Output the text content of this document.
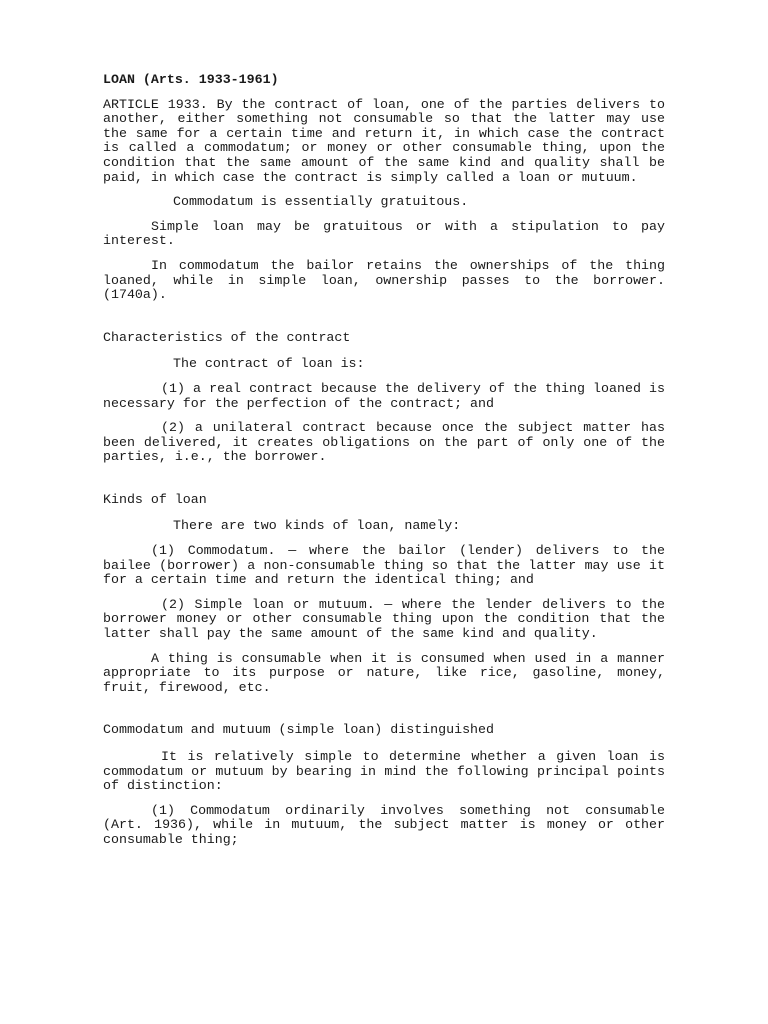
LOAN (Arts. 1933-1961)

ARTICLE 1933. By the contract of loan, one of the parties delivers to another, either something not consumable so that the latter may use the same for a certain time and return it, in which case the contract is called a commodatum; or money or other consumable thing, upon the condition that the same amount of the same kind and quality shall be paid, in which case the contract is simply called a loan or mutuum.

Commodatum is essentially gratuitous.

Simple loan may be gratuitous or with a stipulation to pay interest.

In commodatum the bailor retains the ownerships of the thing loaned, while in simple loan, ownership passes to the borrower. (1740a).

Characteristics of the contract

The contract of loan is:

(1) a real contract because the delivery of the thing loaned is necessary for the perfection of the contract; and

(2) a unilateral contract because once the subject matter has been delivered, it creates obligations on the part of only one of the parties, i.e., the borrower.

Kinds of loan

There are two kinds of loan, namely:

(1) Commodatum. — where the bailor (lender) delivers to the bailee (borrower) a non-consumable thing so that the latter may use it for a certain time and return the identical thing; and

(2) Simple loan or mutuum. — where the lender delivers to the borrower money or other consumable thing upon the condition that the latter shall pay the same amount of the same kind and quality.

A thing is consumable when it is consumed when used in a manner appropriate to its purpose or nature, like rice, gasoline, money, fruit, firewood, etc.

Commodatum and mutuum (simple loan) distinguished

It is relatively simple to determine whether a given loan is commodatum or mutuum by bearing in mind the following principal points of distinction:

(1) Commodatum ordinarily involves something not consumable (Art. 1936), while in mutuum, the subject matter is money or other consumable thing;
